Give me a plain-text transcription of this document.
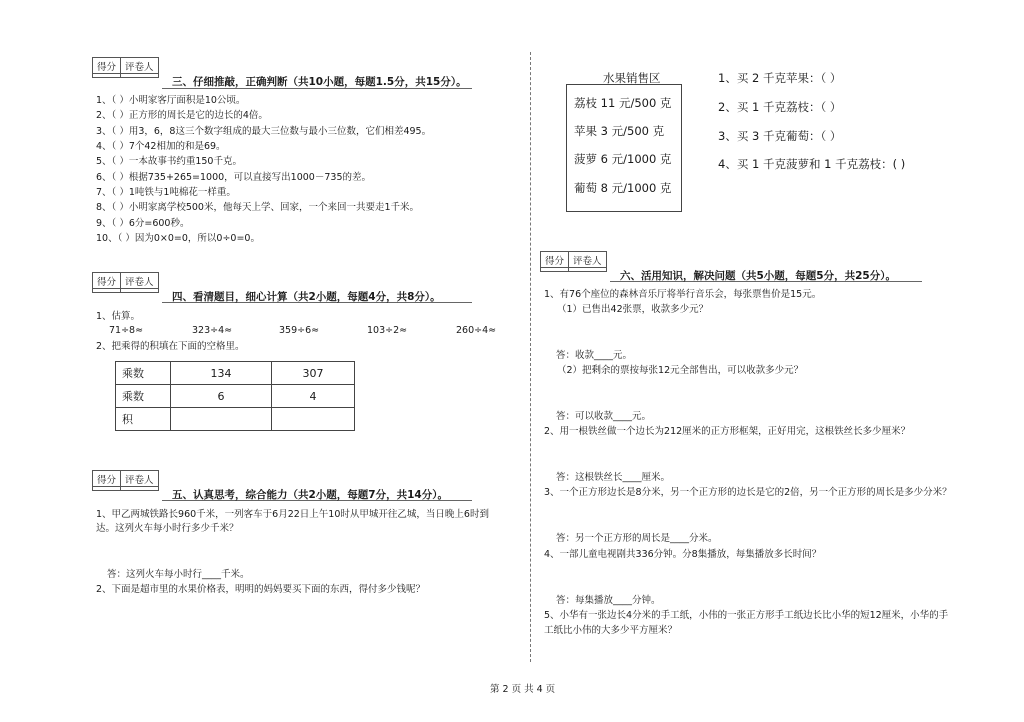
得分	评卷人

三、仔细推敲，正确判断（共10小题，每题1.5分，共15分）。
1、（ ）小明家客厅面积是10公顷。
2、（ ）正方形的周长是它的边长的4倍。
3、（ ）用3，6，8这三个数字组成的最大三位数与最小三位数，它们相差495。
4、（ ）7个42相加的和是69。
5、（ ）一本故事书约重150千克。
6、（ ）根据735+265=1000，可以直接写出1000－735的差。
7、（ ）1吨铁与1吨棉花一样重。
8、（ ）小明家离学校500米，他每天上学、回家，一个来回一共要走1千米。
9、（ ）6分=600秒。
10、（ ）因为0×0=0，所以0÷0=0。
得分	评卷人

四、看清题目，细心计算（共2小题，每题4分，共8分）。
1、估算。
71÷8≈	323÷4≈	359÷6≈	103÷2≈	260÷4≈
2、把乘得的积填在下面的空格里。
乘数	134	307
乘数	6	4
积		
得分	评卷人

五、认真思考，综合能力（共2小题，每题7分，共14分）。
1、甲乙两城铁路长960千米，一列客车于6月22日上午10时从甲城开往乙城，当日晚上6时到
达。这列火车每小时行多少千米？
答：这列火车每小时行____千米。
2、下面是超市里的水果价格表，明明的妈妈要买下面的东西，得付多少钱呢？
水果销售区
荔枝 11 元/500 克
苹果 3 元/500 克
菠萝 6 元/1000 克
葡萄 8 元/1000 克
1、买 2 千克苹果：（ ）
2、买 1 千克荔枝：（ ）
3、买 3 千克葡萄：（ ）
4、买 1 千克菠萝和 1 千克荔枝：( )
得分	评卷人

六、活用知识，解决问题（共5小题，每题5分，共25分）。
1、有76个座位的森林音乐厅将举行音乐会，每张票售价是15元。
（1）已售出42张票，收款多少元？
答：收款____元。
（2）把剩余的票按每张12元全部售出，可以收款多少元？
答：可以收款____元。
2、用一根铁丝做一个边长为212厘米的正方形框架，正好用完，这根铁丝长多少厘米？
答：这根铁丝长____厘米。
3、一个正方形边长是8分米，另一个正方形的边长是它的2倍，另一个正方形的周长是多少分米？
答：另一个正方形的周长是____分米。
4、一部儿童电视剧共336分钟。分8集播放，每集播放多长时间？
答：每集播放____分钟。
5、小华有一张边长4分米的手工纸，小伟的一张正方形手工纸边长比小华的短12厘米，小华的手
工纸比小伟的大多少平方厘米？
第 2 页 共 4 页
